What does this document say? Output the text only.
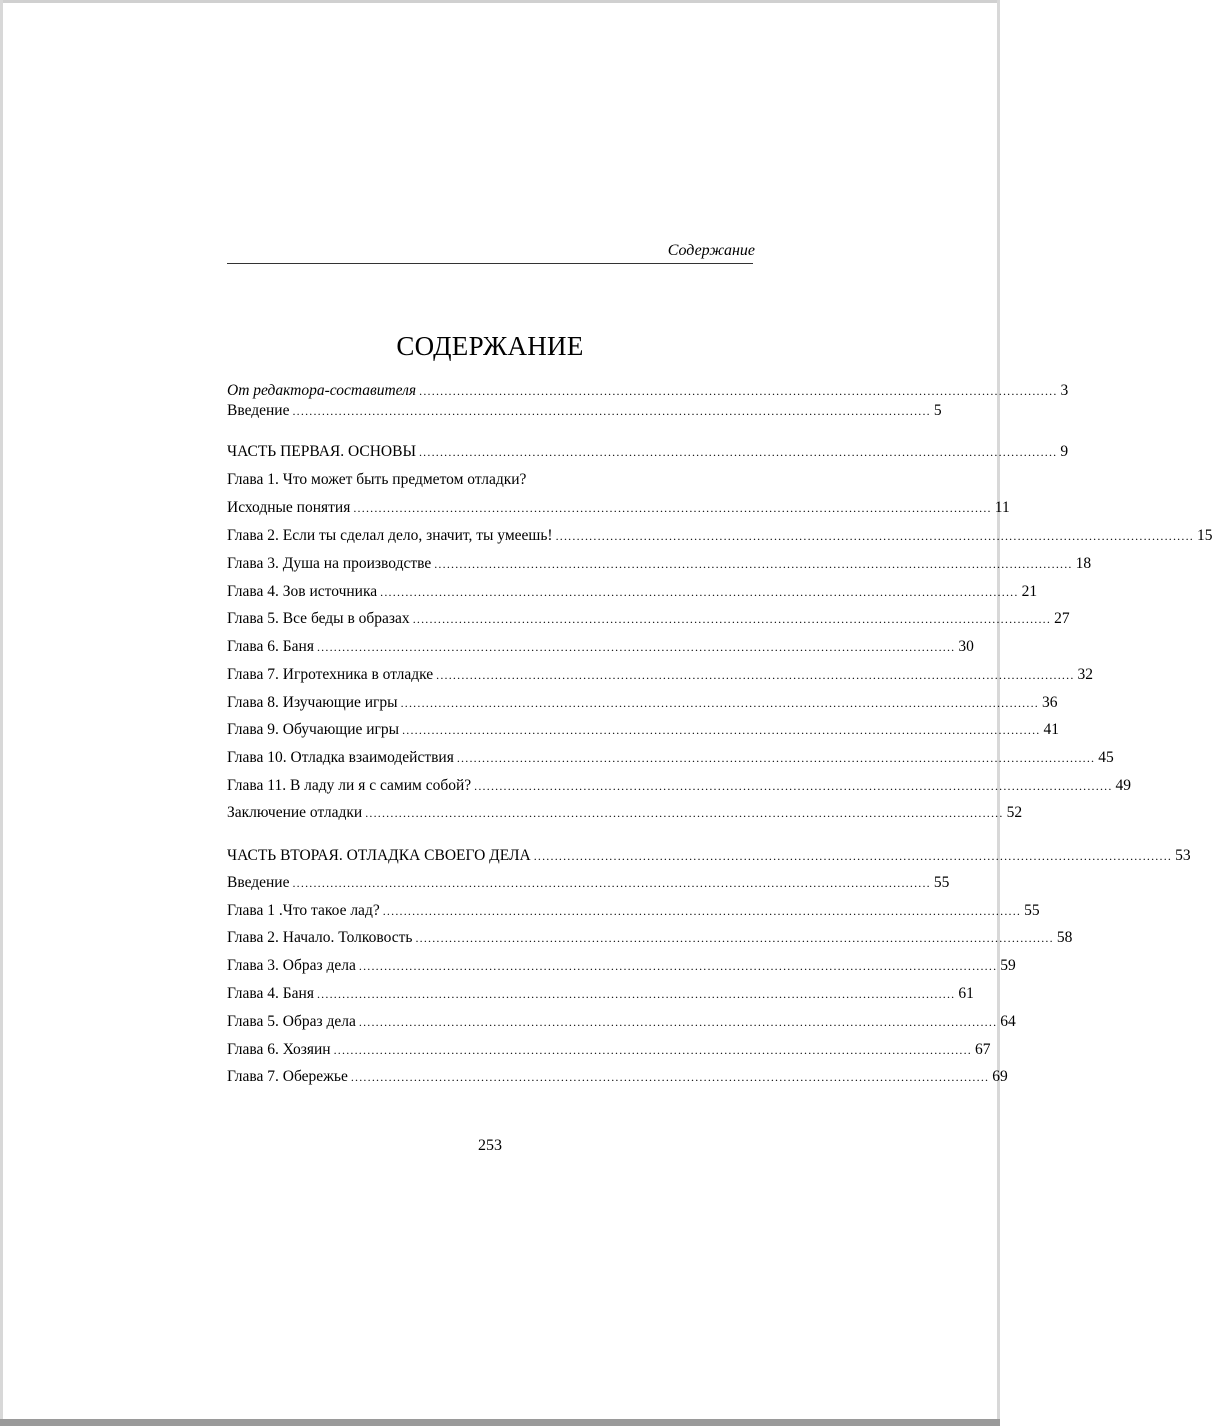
Содержание
СОДЕРЖАНИЕ
От редактора-составителя ........................................................................................................................................................ 3
Введение ........................................................................................................................................................ 5
ЧАСТЬ ПЕРВАЯ. ОСНОВЫ ........................................................................................................................................................ 9
Глава 1. Что может быть предметом отладки?
Исходные понятия ........................................................................................................................................................ 11
Глава 2. Если ты сделал дело, значит, ты умеешь! ........................................................................................................................................................ 15
Глава 3. Душа на производстве ........................................................................................................................................................ 18
Глава 4. Зов источника ........................................................................................................................................................ 21
Глава 5. Все беды в образах ........................................................................................................................................................ 27
Глава 6. Баня ........................................................................................................................................................ 30
Глава 7. Игротехника в отладке ........................................................................................................................................................ 32
Глава 8. Изучающие игры ........................................................................................................................................................ 36
Глава 9. Обучающие игры ........................................................................................................................................................ 41
Глава 10. Отладка взаимодействия ........................................................................................................................................................ 45
Глава 11. В ладу ли я с самим собой? ........................................................................................................................................................ 49
Заключение отладки ........................................................................................................................................................ 52
ЧАСТЬ ВТОРАЯ. ОТЛАДКА СВОЕГО ДЕЛА ........................................................................................................................................................ 53
Введение ........................................................................................................................................................ 55
Глава 1 .Что такое лад? ........................................................................................................................................................ 55
Глава 2. Начало. Толковость ........................................................................................................................................................ 58
Глава 3. Образ дела ........................................................................................................................................................ 59
Глава 4. Баня ........................................................................................................................................................ 61
Глава 5. Образ дела ........................................................................................................................................................ 64
Глава 6. Хозяин ........................................................................................................................................................ 67
Глава 7. Обережье ........................................................................................................................................................ 69
253
